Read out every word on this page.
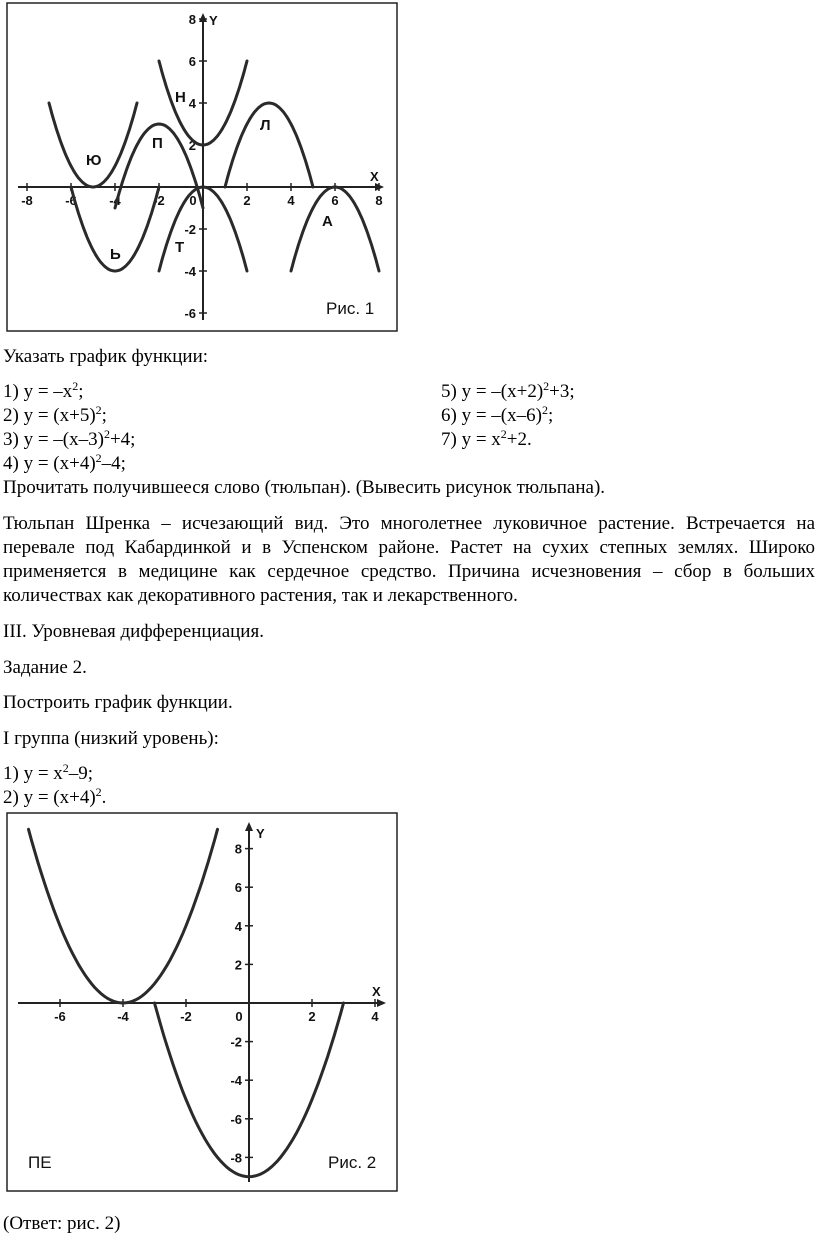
Y
X
-8 -6 -4 -2 0	2	4	6	8
8
6
4
2
-2
-4
-6
Ю
П
Н
Л
Ь	Т
А
Рис. 1
Указать график функции:
1) $y = -x^2$;
2) $y = (x+5)^2$;
3) $y = -(x-3)^2+4$;
4) $y = (x+4)^2-4$;
5) $y = -(x+2)^2+3$;
6) $y = -(x-6)^2$;
7) $y = x^2+2$.
Прочитать получившееся слово (тюльпан). (Вывесить рисунок тюльпана).
Тюльпан Шренка – исчезающий вид. Это многолетнее луковичное растение. Встречается на перевале под Кабардинкой и в Успенском районе. Растет на сухих степных землях. Широко применяется в медицине как сердечное средство. Причина исчезновения – сбор в больших количествах как декоративного растения, так и лекарственного.
III. Уровневая дифференциация.
Задание 2.
Построить график функции.
I группа (низкий уровень):
1) $y = x^2-9$;
2) $y = (x+4)^2$.
Y
X
-6	-4	-2	0	2	4
8
6
4
2
-2
-4
-6
-8
ПЕ	Рис. 2
(Ответ: рис. 2)
